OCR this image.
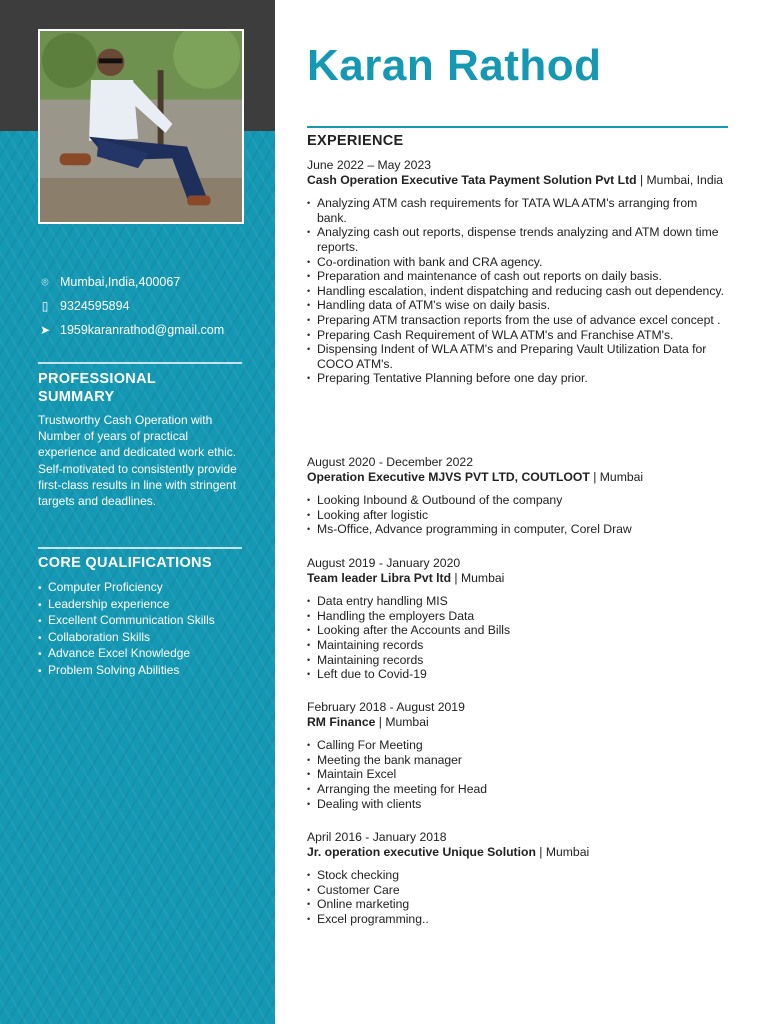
⌾ Mumbai,India,400067
▯ 9324595894
➤ 1959karanrathod@gmail.com
PROFESSIONAL
SUMMARY
Trustworthy Cash Operation with Number of years of practical experience and dedicated work ethic. Self-motivated to consistently provide first-class results in line with stringent targets and deadlines.
CORE QUALIFICATIONS
• Computer Proficiency
• Leadership experience
• Excellent Communication Skills
• Collaboration Skills
• Advance Excel Knowledge
• Problem Solving Abilities
Karan Rathod
EXPERIENCE
June 2022 – May 2023
Cash Operation Executive Tata Payment Solution Pvt Ltd | Mumbai, India
• Analyzing ATM cash requirements for TATA WLA ATM's arranging from bank.
• Analyzing cash out reports, dispense trends analyzing and ATM down time reports.
• Co-ordination with bank and CRA agency.
• Preparation and maintenance of cash out reports on daily basis.
• Handling escalation, indent dispatching and reducing cash out dependency.
• Handling data of ATM's wise on daily basis.
• Preparing ATM transaction reports from the use of advance excel concept .
• Preparing Cash Requirement of WLA ATM's and Franchise ATM's.
• Dispensing Indent of WLA ATM's and Preparing Vault Utilization Data for COCO ATM's.
• Preparing Tentative Planning before one day prior.
August 2020 - December 2022
Operation Executive MJVS PVT LTD, COUTLOOT | Mumbai
• Looking Inbound & Outbound of the company
• Looking after logistic
• Ms-Office, Advance programming in computer, Corel Draw
August 2019 - January 2020
Team leader Libra Pvt ltd | Mumbai
• Data entry handling MIS
• Handling the employers Data
• Looking after the Accounts and Bills
• Maintaining records
• Maintaining records
• Left due to Covid-19
February 2018 - August 2019
RM Finance | Mumbai
• Calling For Meeting
• Meeting the bank manager
• Maintain Excel
• Arranging the meeting for Head
• Dealing with clients
April 2016 - January 2018
Jr. operation executive Unique Solution | Mumbai
• Stock checking
• Customer Care
• Online marketing
• Excel programming..
